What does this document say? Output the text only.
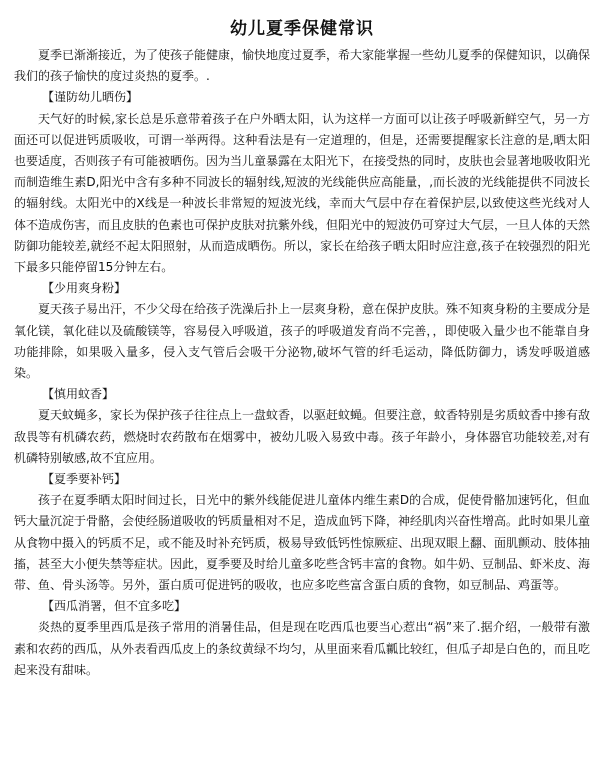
幼儿夏季保健常识

夏季已渐渐接近，为了使孩子能健康，愉快地度过夏季，希大家能掌握一些幼儿夏季的保健知识，以确保我们的孩子愉快的度过炎热的夏季。.

【谨防幼儿晒伤】

天气好的时候,家长总是乐意带着孩子在户外晒太阳，认为这样一方面可以让孩子呼吸新鲜空气，另一方面还可以促进钙质吸收，可谓一举两得。这种看法是有一定道理的，但是，还需要提醒家长注意的是,晒太阳也要适度，否则孩子有可能被晒伤。因为当儿童暴露在太阳光下，在接受热的同时，皮肤也会显著地吸收阳光而制造维生素D,阳光中含有多种不同波长的辐射线,短波的光线能供应高能量，,而长波的光线能提供不同波长的辐射线。太阳光中的X线是一种波长非常短的短波光线，幸而大气层中存在着保护层,以致使这些光线对人体不造成伤害，而且皮肤的色素也可保护皮肤对抗紫外线，但阳光中的短波仍可穿过大气层，一旦人体的天然防御功能较差,就经不起太阳照射，从而造成晒伤。所以，家长在给孩子晒太阳时应注意,孩子在较强烈的阳光下最多只能停留15分钟左右。

【少用爽身粉】

夏天孩子易出汗，不少父母在给孩子洗澡后扑上一层爽身粉，意在保护皮肤。殊不知爽身粉的主要成分是氧化镁，氧化硅以及硫酸镁等，容易侵入呼吸道，孩子的呼吸道发育尚不完善，，即使吸入量少也不能靠自身功能排除，如果吸入量多，侵入支气管后会吸干分泌物,破坏气管的纤毛运动，降低防御力，诱发呼吸道感染。

【慎用蚊香】

夏天蚊蝇多，家长为保护孩子往往点上一盘蚊香，以驱赶蚊蝇。但要注意，蚊香特别是劣质蚊香中掺有敌敌畏等有机磷农药，燃烧时农药散布在烟雾中，被幼儿吸入易致中毒。孩子年龄小，身体器官功能较差,对有机磷特别敏感,故不宜应用。

【夏季要补钙】

孩子在夏季晒太阳时间过长，日光中的紫外线能促进儿童体内维生素D的合成，促使骨骼加速钙化，但血钙大量沉淀于骨骼，会使经肠道吸收的钙质量相对不足，造成血钙下降，神经肌肉兴奋性增高。此时如果儿童从食物中摄入的钙质不足，或不能及时补充钙质，极易导致低钙性惊厥症、出现双眼上翻、面肌颤动、肢体抽搐，甚至大小便失禁等症状。因此，夏季要及时给儿童多吃些含钙丰富的食物。如牛奶、豆制品、虾米皮、海带、鱼、骨头汤等。另外，蛋白质可促进钙的吸收，也应多吃些富含蛋白质的食物，如豆制品、鸡蛋等。

【西瓜消署，但不宜多吃】

炎热的夏季里西瓜是孩子常用的消暑佳品，但是现在吃西瓜也要当心惹出“祸”来了.据介绍，一般带有激素和农药的西瓜，从外表看西瓜皮上的条纹黄绿不均匀，从里面来看瓜瓤比较红，但瓜子却是白色的，而且吃起来没有甜味。
